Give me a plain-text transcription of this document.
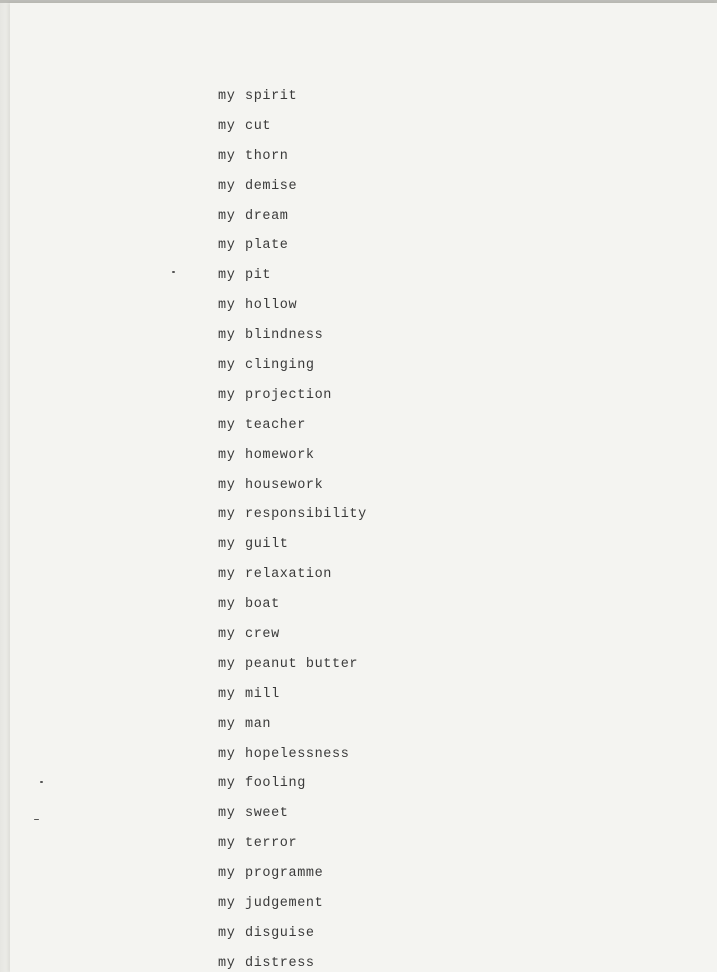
my spirit
my cut
my thorn
my demise
my dream
my plate
my pit
my hollow
my blindness
my clinging
my projection
my teacher
my homework
my housework
my responsibility
my guilt
my relaxation
my boat
my crew
my peanut butter
my mill
my man
my hopelessness
my fooling
my sweet
my terror
my programme
my judgement
my disguise
my distress
